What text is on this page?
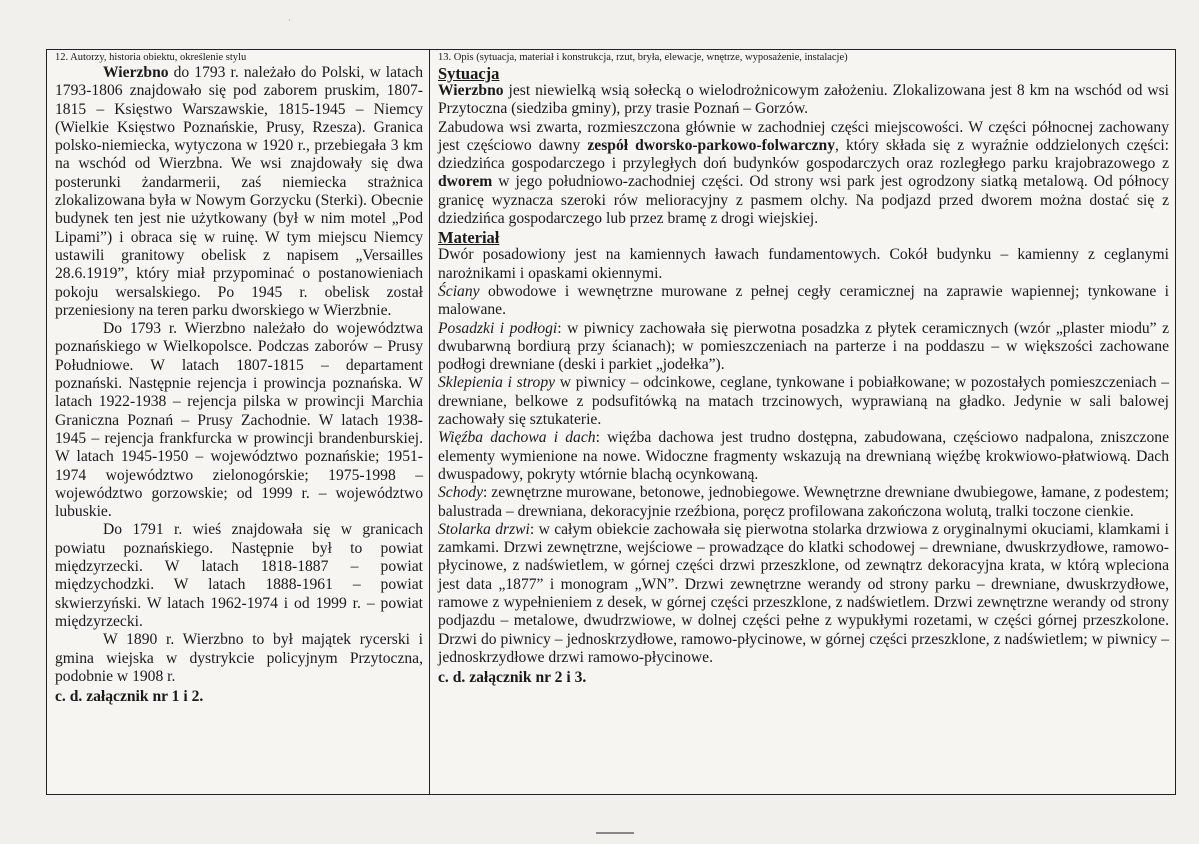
·
12. Autorzy, historia obiektu, określenie stylu

Wierzbno do 1793 r. należało do Polski, w latach 1793-1806 znajdowało się pod zaborem pruskim, 1807-1815 – Księstwo Warszawskie, 1815-1945 – Niemcy (Wielkie Księstwo Poznańskie, Prusy, Rzesza). Granica polsko-niemiecka, wytyczona w 1920 r., przebiegała 3 km na wschód od Wierzbna. We wsi znajdowały się dwa posterunki żandarmerii, zaś niemiecka strażnica zlokalizowana była w Nowym Gorzycku (Sterki). Obecnie budynek ten jest nie użytkowany (był w nim motel „Pod Lipami”) i obraca się w ruinę. W tym miejscu Niemcy ustawili granitowy obelisk z napisem „Versailles 28.6.1919”, który miał przypominać o postanowieniach pokoju wersalskiego. Po 1945 r. obelisk został przeniesiony na teren parku dworskiego w Wierzbnie.

Do 1793 r. Wierzbno należało do województwa poznańskiego w Wielkopolsce. Podczas zaborów – Prusy Południowe. W latach 1807-1815 – departament poznański. Następnie rejencja i prowincja poznańska. W latach 1922-1938 – rejencja pilska w prowincji Marchia Graniczna Poznań – Prusy Zachodnie. W latach 1938-1945 – rejencja frankfurcka w prowincji brandenburskiej. W latach 1945-1950 – województwo poznańskie; 1951-1974 województwo zielonogórskie; 1975-1998 – województwo gorzowskie; od 1999 r. – województwo lubuskie.

Do 1791 r. wieś znajdowała się w granicach powiatu poznańskiego. Następnie był to powiat międzyrzecki. W latach 1818-1887 – powiat międzychodzki. W latach 1888-1961 – powiat skwierzyński. W latach 1962-1974 i od 1999 r. – powiat międzyrzecki.

W 1890 r. Wierzbno to był majątek rycerski i gmina wiejska w dystrykcie policyjnym Przytoczna, podobnie w 1908 r.

c. d. załącznik nr 1 i 2.
13. Opis (sytuacja, materiał i konstrukcja, rzut, bryła, elewacje, wnętrze, wyposażenie, instalacje)
Sytuacja

Wierzbno jest niewielką wsią sołecką o wielodrożnicowym założeniu. Zlokalizowana jest 8 km na wschód od wsi Przytoczna (siedziba gminy), przy trasie Poznań – Gorzów.

Zabudowa wsi zwarta, rozmieszczona głównie w zachodniej części miejscowości. W części północnej zachowany jest częściowo dawny zespół dworsko-parkowo-folwarczny, który składa się z wyraźnie oddzielonych części: dziedzińca gospodarczego i przyległych doń budynków gospodarczych oraz rozległego parku krajobrazowego z dworem w jego południowo-zachodniej części. Od strony wsi park jest ogrodzony siatką metalową. Od północy granicę wyznacza szeroki rów melioracyjny z pasmem olchy. Na podjazd przed dworem można dostać się z dziedzińca gospodarczego lub przez bramę z drogi wiejskiej.

Materiał

Dwór posadowiony jest na kamiennych ławach fundamentowych. Cokół budynku – kamienny z ceglanymi narożnikami i opaskami okiennymi.

Ściany obwodowe i wewnętrzne murowane z pełnej cegły ceramicznej na zaprawie wapiennej; tynkowane i malowane.

Posadzki i podłogi: w piwnicy zachowała się pierwotna posadzka z płytek ceramicznych (wzór „plaster miodu” z dwubarwną bordiurą przy ścianach); w pomieszczeniach na parterze i na poddaszu – w większości zachowane podłogi drewniane (deski i parkiet „jodełka”).

Sklepienia i stropy w piwnicy – odcinkowe, ceglane, tynkowane i pobiałkowane; w pozostałych pomieszczeniach – drewniane, belkowe z podsufitówką na matach trzcinowych, wyprawianą na gładko. Jedynie w sali balowej zachowały się sztukaterie.

Więźba dachowa i dach: więźba dachowa jest trudno dostępna, zabudowana, częściowo nadpalona, zniszczone elementy wymienione na nowe. Widoczne fragmenty wskazują na drewnianą więźbę krokwiowo-płatwiową. Dach dwuspadowy, pokryty wtórnie blachą ocynkowaną.

Schody: zewnętrzne murowane, betonowe, jednobiegowe. Wewnętrzne drewniane dwubiegowe, łamane, z podestem; balustrada – drewniana, dekoracyjnie rzeźbiona, poręcz profilowana zakończona wolutą, tralki toczone cienkie.

Stolarka drzwi: w całym obiekcie zachowała się pierwotna stolarka drzwiowa z oryginalnymi okuciami, klamkami i zamkami. Drzwi zewnętrzne, wejściowe – prowadzące do klatki schodowej – drewniane, dwuskrzydłowe, ramowo-płycinowe, z nadświetlem, w górnej części drzwi przeszklone, od zewnątrz dekoracyjna krata, w którą wpleciona jest data „1877” i monogram „WN”. Drzwi zewnętrzne werandy od strony parku – drewniane, dwuskrzydłowe, ramowe z wypełnieniem z desek, w górnej części przeszklone, z nadświetlem. Drzwi zewnętrzne werandy od strony podjazdu – metalowe, dwudrzwiowe, w dolnej części pełne z wypukłymi rozetami, w części górnej przeszkolone. Drzwi do piwnicy – jednoskrzydłowe, ramowo-płycinowe, w górnej części przeszklone, z nadświetlem; w piwnicy – jednoskrzydłowe drzwi ramowo-płycinowe.

c. d. załącznik nr 2 i 3.
